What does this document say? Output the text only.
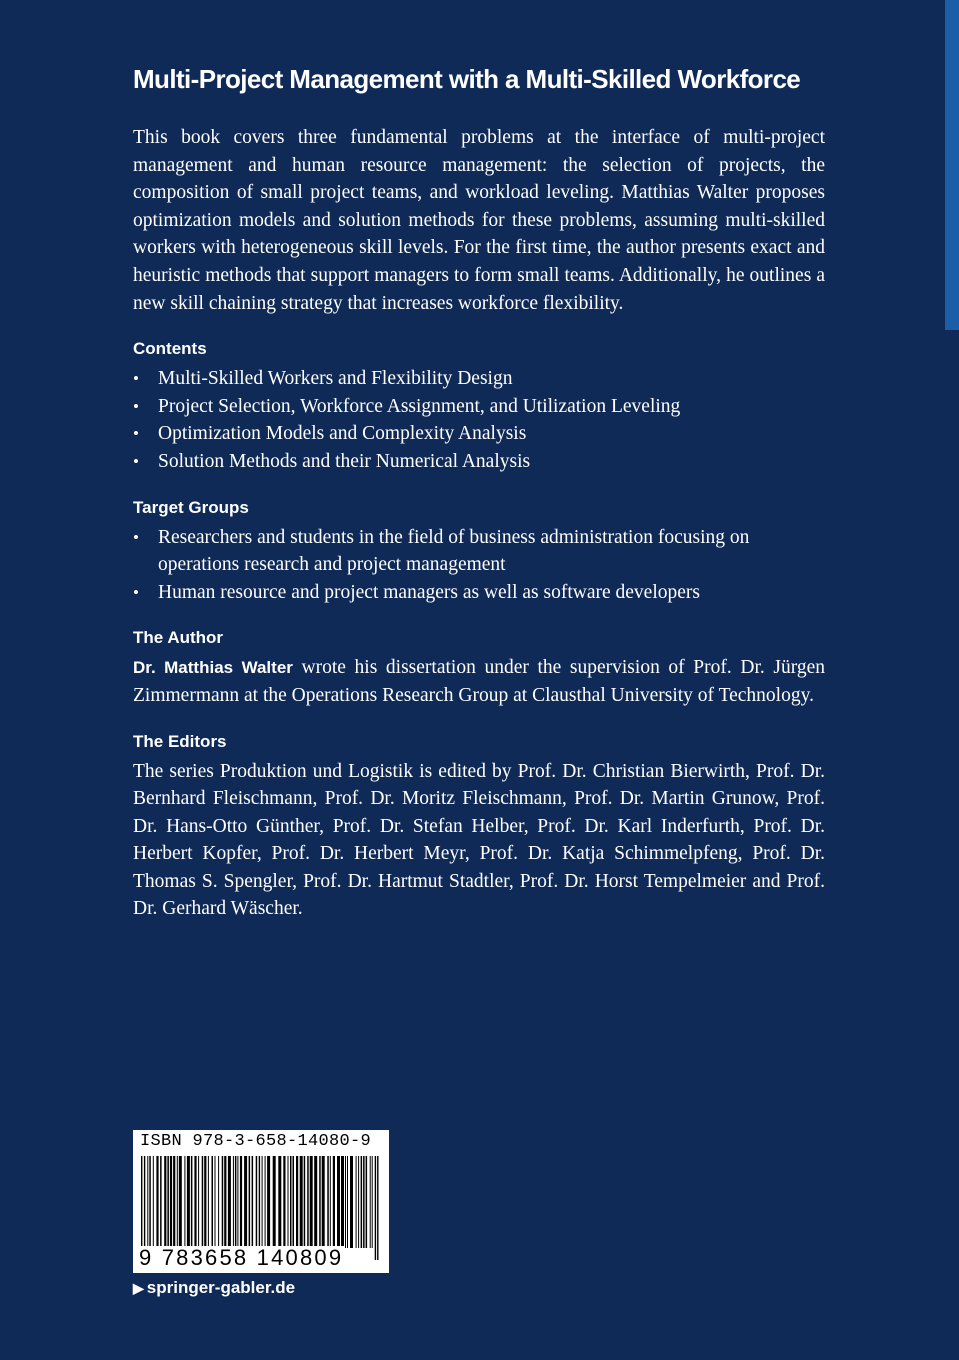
Multi-Project Management with a Multi-Skilled Workforce

This book covers three fundamental problems at the interface of multi-project management and human resource management: the selection of projects, the composition of small project teams, and workload leveling. Matthias Walter proposes optimization models and solution methods for these problems, assuming multi-skilled workers with heterogeneous skill levels. For the first time, the author presents exact and heuristic methods that support managers to form small teams. Additionally, he outlines a new skill chaining strategy that increases workforce flexibility.

Contents
• Multi-Skilled Workers and Flexibility Design
• Project Selection, Workforce Assignment, and Utilization Leveling
• Optimization Models and Complexity Analysis
• Solution Methods and their Numerical Analysis
Target Groups
• Researchers and students in the field of business administration focusing on operations research and project management
• Human resource and project managers as well as software developers
The Author

Dr. Matthias Walter wrote his dissertation under the supervision of Prof. Dr. Jürgen Zimmermann at the Operations Research Group at Clausthal University of Technology.

The Editors

The series Produktion und Logistik is edited by Prof. Dr. Christian Bierwirth, Prof. Dr. Bernhard Fleischmann, Prof. Dr. Moritz Fleischmann, Prof. Dr. Martin Grunow, Prof. Dr. Hans-Otto Günther, Prof. Dr. Stefan Helber, Prof. Dr. Karl Inderfurth, Prof. Dr. Herbert Kopfer, Prof. Dr. Herbert Meyr, Prof. Dr. Katja Schimmelpfeng, Prof. Dr. Thomas S. Spengler, Prof. Dr. Hartmut Stadtler, Prof. Dr. Horst Tempelmeier and Prof. Dr. Gerhard Wäscher.

ISBN 978-3-658-14080-9
9 783658 140809
▶ springer-gabler.de
